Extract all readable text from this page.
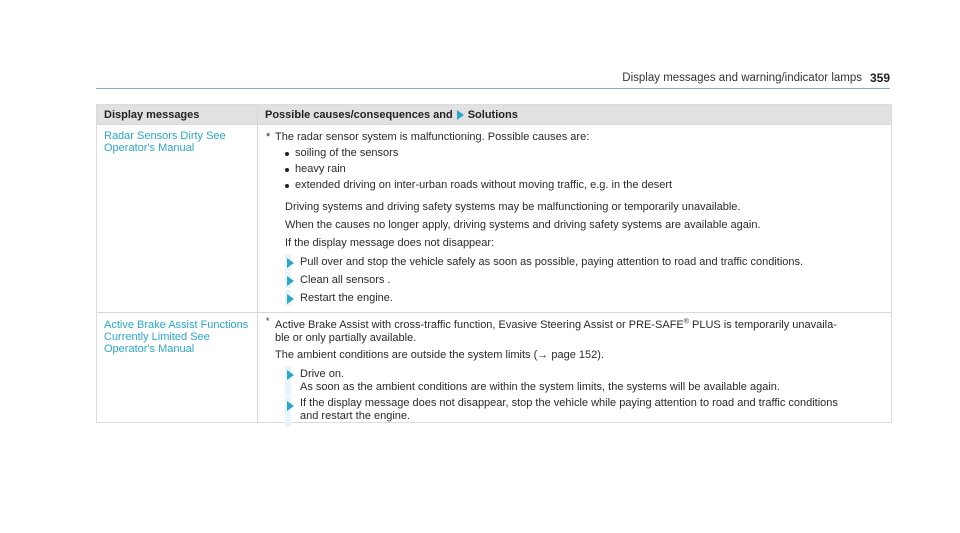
Display messages and warning/indicator lamps 359
Display messages	Possible causes/consequences and Solutions
Radar Sensors Dirty See Operator's Manual
* The radar sensor system is malfunctioning. Possible causes are:
soiling of the sensors
heavy rain
extended driving on inter-urban roads without moving traffic, e.g. in the desert
Driving systems and driving safety systems may be malfunctioning or temporarily unavailable.
When the causes no longer apply, driving systems and driving safety systems are available again.
If the display message does not disappear:
Pull over and stop the vehicle safely as soon as possible, paying attention to road and traffic conditions.
Clean all sensors .
Restart the engine.
Active Brake Assist Functions Currently Limited See Operator's Manual
* Active Brake Assist with cross-traffic function, Evasive Steering Assist or PRE-SAFE® PLUS is temporarily unavaila-
ble or only partially available.
The ambient conditions are outside the system limits (→ page 152).
Drive on.
As soon as the ambient conditions are within the system limits, the systems will be available again.
If the display message does not disappear, stop the vehicle while paying attention to road and traffic conditions
and restart the engine.
